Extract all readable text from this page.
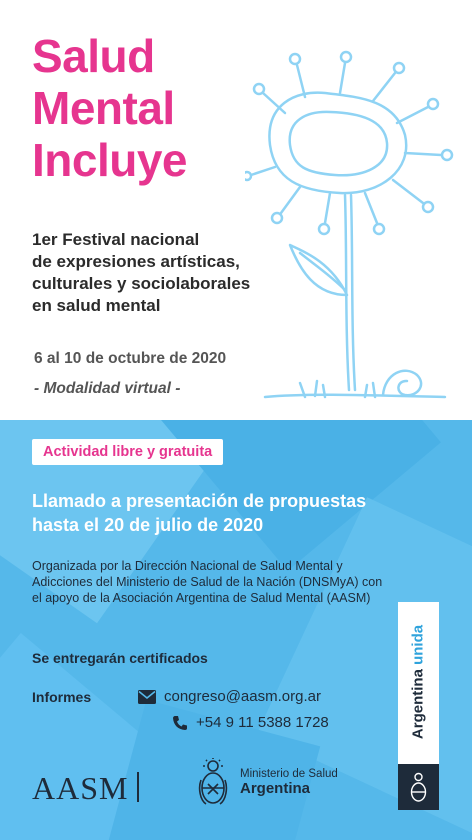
Salud
Mental
Incluye

1er Festival nacional
de expresiones artísticas,
culturales y sociolaborales
en salud mental

6 al 10 de octubre de 2020
- Modalidad virtual -
Actividad libre y gratuita

Llamado a presentación de propuestas
hasta el 20 de julio de 2020

Organizada por la Dirección Nacional de Salud Mental y Adicciones del Ministerio de Salud de la Nación (DNSMyA) con el apoyo de la Asociación Argentina de Salud Mental (AASM)
Se entregarán certificados
Informes	congreso@aasm.org.ar
+54 9 11 5388 1728
AASM	Ministerio de Salud
Argentina
Argentina unida
